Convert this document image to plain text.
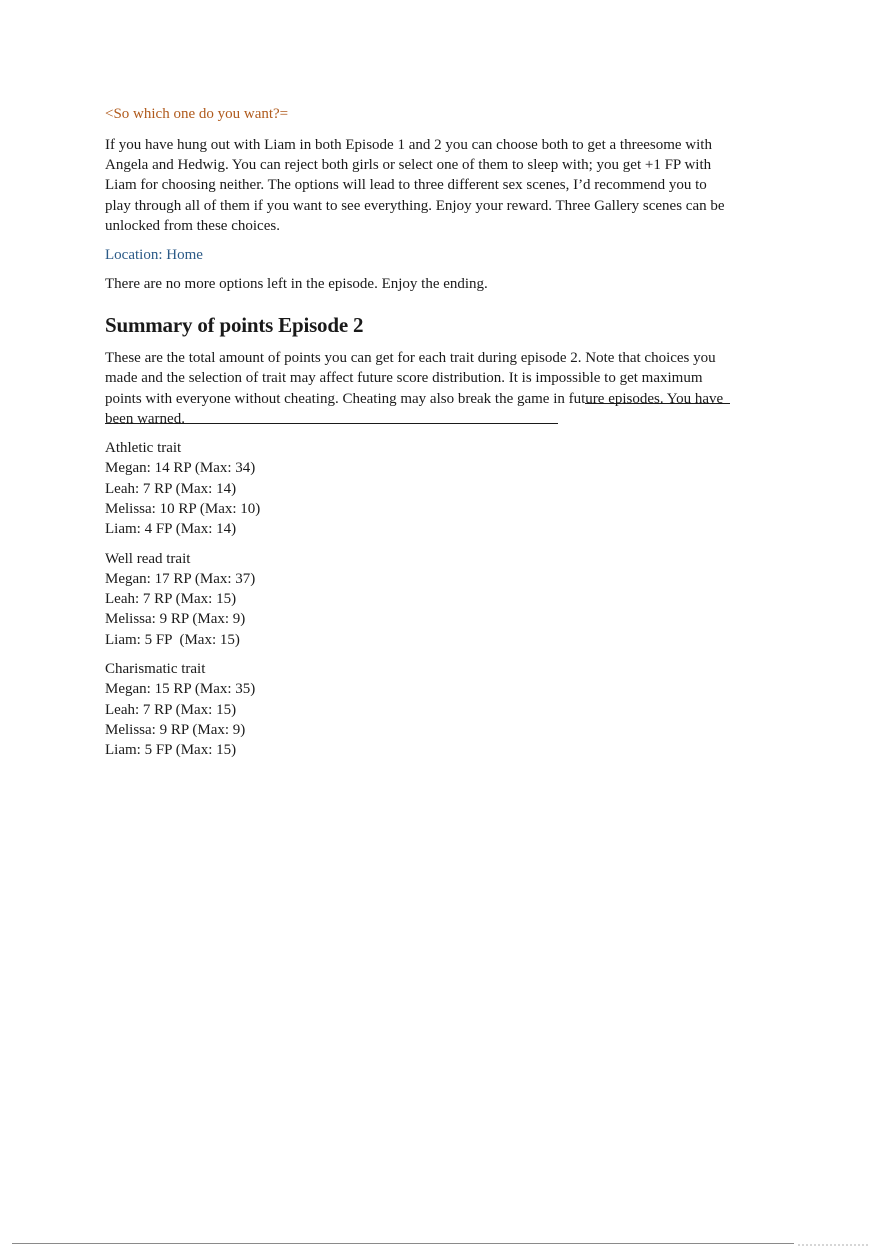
<So which one do you want?=

If you have hung out with Liam in both Episode 1 and 2 you can choose both to get a threesome with Angela and Hedwig. You can reject both girls or select one of them to sleep with; you get +1 FP with Liam for choosing neither. The options will lead to three different sex scenes, I’d recommend you to play through all of them if you want to see everything. Enjoy your reward. Three Gallery scenes can be unlocked from these choices.

Location: Home

There are no more options left in the episode. Enjoy the ending.

Summary of points Episode 2

These are the total amount of points you can get for each trait during episode 2. Note that choices you made and the selection of trait may affect future score distribution. It is impossible to get maximum points with everyone without cheating. Cheating may also break the game in future episodes. You have been warned.

Athletic trait

Megan: 14 RP (Max: 34)

Leah: 7 RP (Max: 14)

Melissa: 10 RP (Max: 10)

Liam: 4 FP (Max: 14)

Well read trait

Megan: 17 RP (Max: 37)

Leah: 7 RP (Max: 15)

Melissa: 9 RP (Max: 9)

Liam: 5 FP  (Max: 15)

Charismatic trait

Megan: 15 RP (Max: 35)

Leah: 7 RP (Max: 15)

Melissa: 9 RP (Max: 9)

Liam: 5 FP (Max: 15)
